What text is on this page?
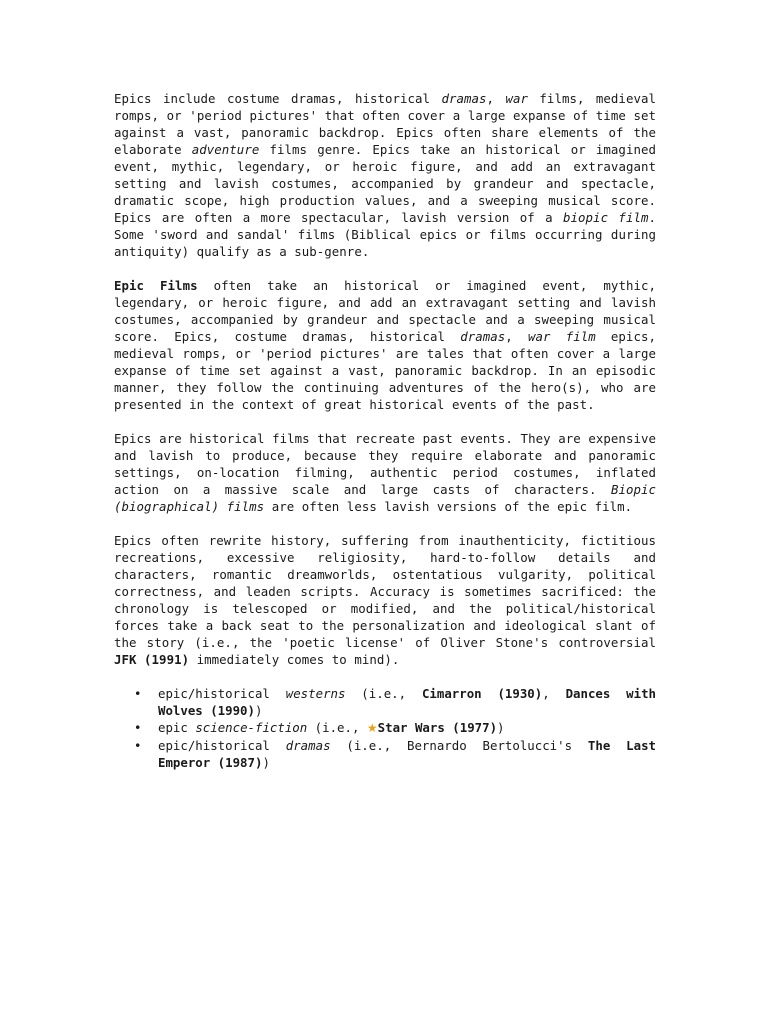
Epics include costume dramas, historical dramas, war films, medieval romps, or 'period pictures' that often cover a large expanse of time set against a vast, panoramic backdrop. Epics often share elements of the elaborate adventure films genre. Epics take an historical or imagined event, mythic, legendary, or heroic figure, and add an extravagant setting and lavish costumes, accompanied by grandeur and spectacle, dramatic scope, high production values, and a sweeping musical score. Epics are often a more spectacular, lavish version of a biopic film. Some 'sword and sandal' films (Biblical epics or films occurring during antiquity) qualify as a sub-genre.

Epic Films often take an historical or imagined event, mythic, legendary, or heroic figure, and add an extravagant setting and lavish costumes, accompanied by grandeur and spectacle and a sweeping musical score. Epics, costume dramas, historical dramas, war film epics, medieval romps, or 'period pictures' are tales that often cover a large expanse of time set against a vast, panoramic backdrop. In an episodic manner, they follow the continuing adventures of the hero(s), who are presented in the context of great historical events of the past.

Epics are historical films that recreate past events. They are expensive and lavish to produce, because they require elaborate and panoramic settings, on-location filming, authentic period costumes, inflated action on a massive scale and large casts of characters. Biopic (biographical) films are often less lavish versions of the epic film.

Epics often rewrite history, suffering from inauthenticity, fictitious recreations, excessive religiosity, hard-to-follow details and characters, romantic dreamworlds, ostentatious vulgarity, political correctness, and leaden scripts. Accuracy is sometimes sacrificed: the chronology is telescoped or modified, and the political/historical forces take a back seat to the personalization and ideological slant of the story (i.e., the 'poetic license' of Oliver Stone's controversial JFK (1991) immediately comes to mind).

• epic/historical westerns (i.e., Cimarron (1930), Dances with Wolves (1990))
• epic science-fiction (i.e., ★Star Wars (1977))
• epic/historical dramas (i.e., Bernardo Bertolucci's The Last Emperor (1987))
